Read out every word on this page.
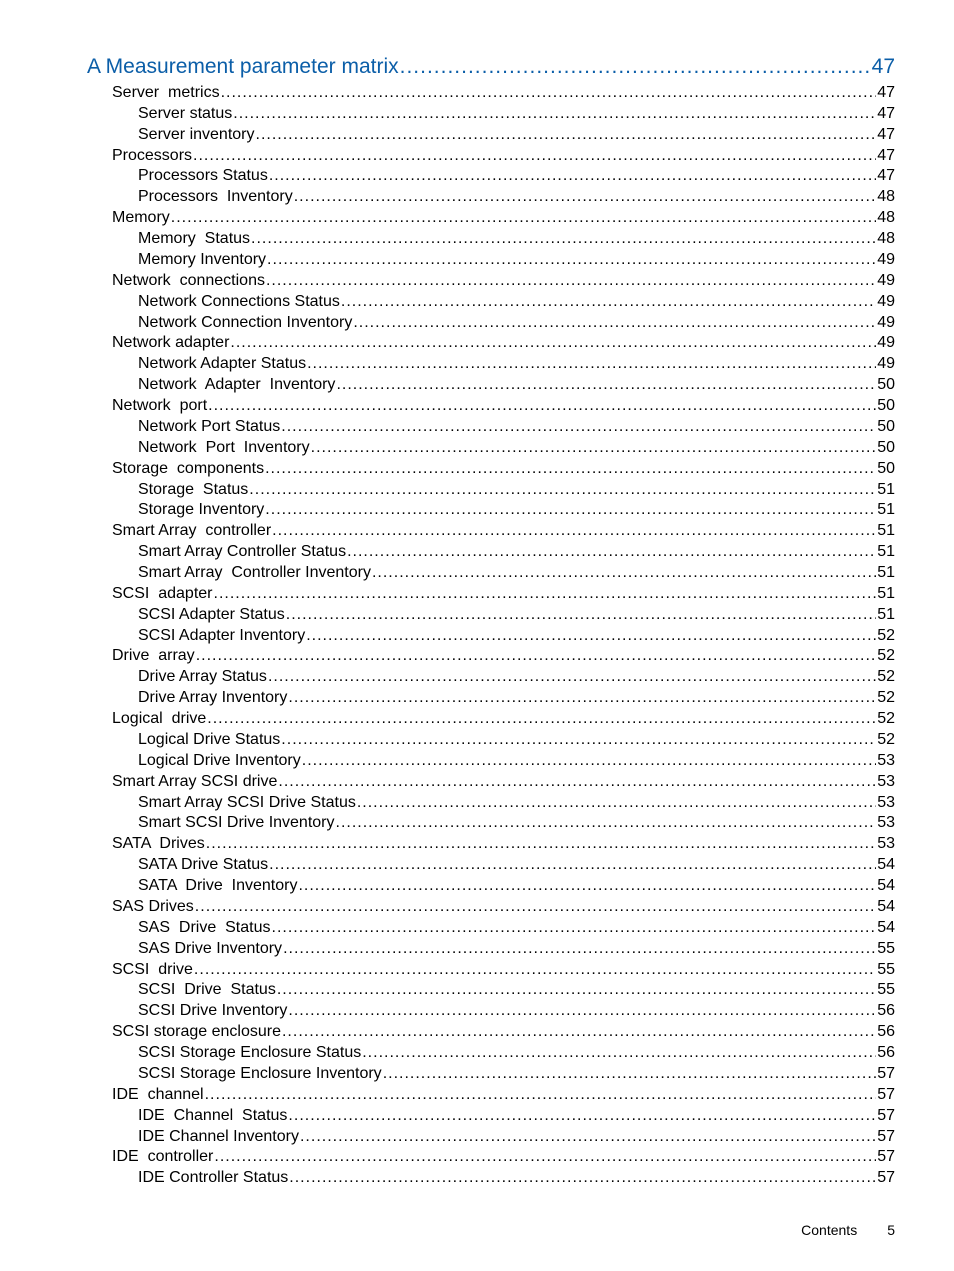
A Measurement parameter matrix .....	47
Server  metrics .....	47
Server status .....	47
Server inventory .....	47
Processors .....	47
Processors Status .....	47
Processors  Inventory .....	48
Memory .....	48
Memory  Status .....	48
Memory Inventory .....	49
Network  connections .....	49
Network Connections Status .....	49
Network Connection Inventory .....	49
Network adapter .....	49
Network Adapter Status .....	49
Network  Adapter  Inventory .....	50
Network  port .....	50
Network Port Status .....	50
Network  Port  Inventory .....	50
Storage  components .....	50
Storage  Status .....	51
Storage Inventory .....	51
Smart Array  controller .....	51
Smart Array Controller Status .....	51
Smart Array  Controller Inventory .....	51
SCSI  adapter .....	51
SCSI Adapter Status .....	51
SCSI Adapter Inventory .....	52
Drive  array .....	52
Drive Array Status .....	52
Drive Array Inventory .....	52
Logical  drive .....	52
Logical Drive Status .....	52
Logical Drive Inventory .....	53
Smart Array SCSI drive .....	53
Smart Array SCSI Drive Status .....	53
Smart SCSI Drive Inventory .....	53
SATA  Drives .....	53
SATA Drive Status .....	54
SATA  Drive  Inventory .....	54
SAS Drives .....	54
SAS  Drive  Status .....	54
SAS Drive Inventory .....	55
SCSI  drive .....	55
SCSI  Drive  Status .....	55
SCSI Drive Inventory .....	56
SCSI storage enclosure .....	56
SCSI Storage Enclosure Status .....	56
SCSI Storage Enclosure Inventory .....	57
IDE  channel .....	57
IDE  Channel  Status .....	57
IDE Channel Inventory .....	57
IDE  controller .....	57
IDE Controller Status .....	57
Contents 5
